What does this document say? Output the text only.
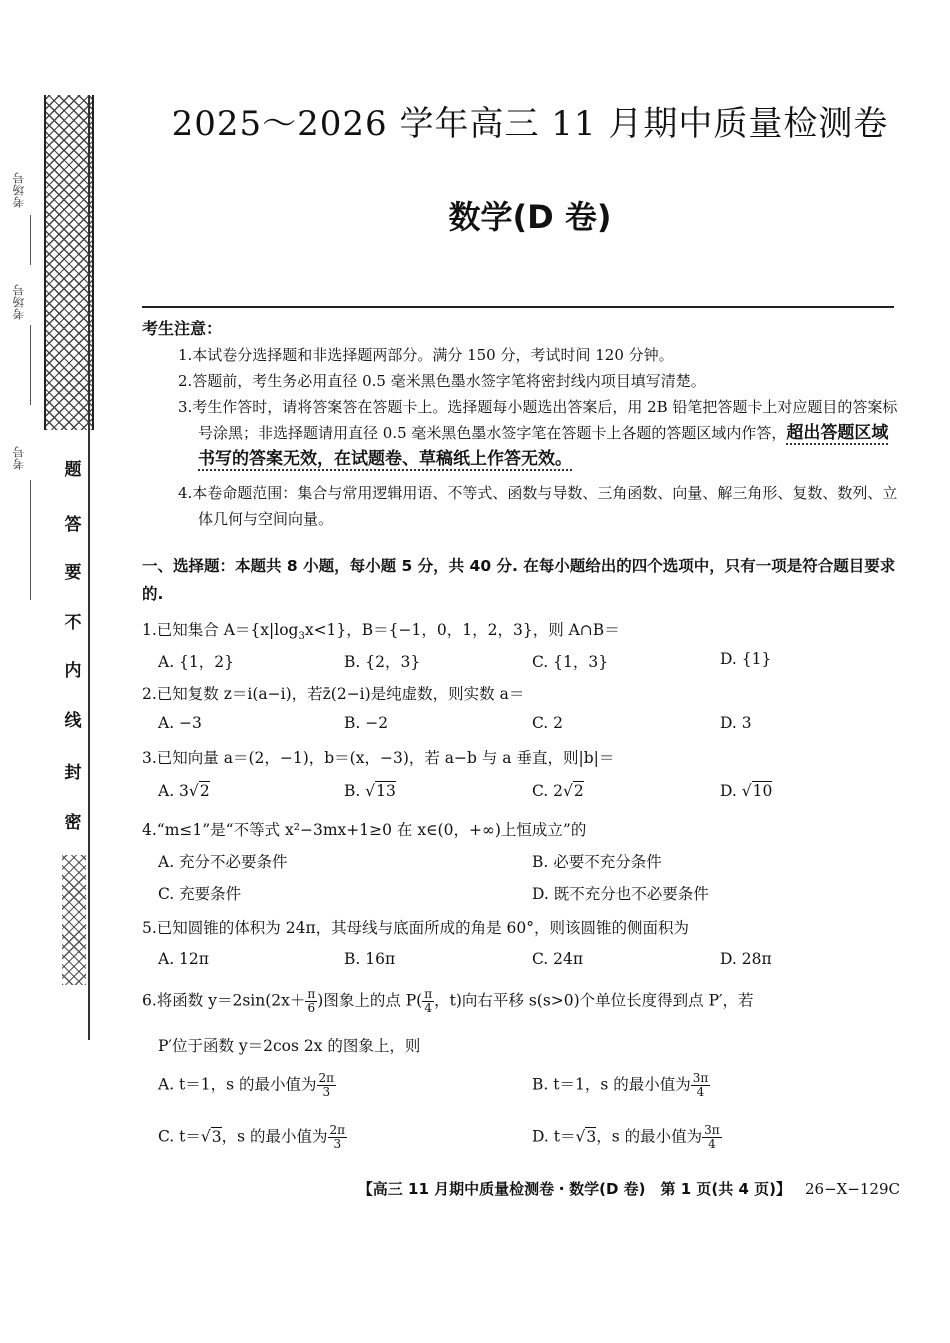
题
答
要
不
内
线
封
密
考场号
考场号
考号
2025～2026 学年高三 11 月期中质量检测卷
数学(D 卷)
考生注意：
1.本试卷分选择题和非选择题两部分。满分 150 分，考试时间 120 分钟。
2.答题前，考生务必用直径 0.5 毫米黑色墨水签字笔将密封线内项目填写清楚。
3.考生作答时，请将答案答在答题卡上。选择题每小题选出答案后，用 2B 铅笔把答题卡上对应题目的答案标号涂黑；非选择题请用直径 0.5 毫米黑色墨水签字笔在答题卡上各题的答题区域内作答，超出答题区域书写的答案无效，在试题卷、草稿纸上作答无效。
4.本卷命题范围：集合与常用逻辑用语、不等式、函数与导数、三角函数、向量、解三角形、复数、数列、立体几何与空间向量。
一、选择题：本题共 8 小题，每小题 5 分，共 40 分. 在每小题给出的四个选项中，只有一项是符合题目要求的.
1.已知集合 $A=\{x|\log_3x<1\}$，B＝{−1，0，1，2，3}，则 A∩B＝
A. {1，2}	B. {2，3}	C. {1，3}	D. {1}
2.已知复数 z＝i(a−i)，若z̄(2−i)是纯虚数，则实数 a＝
A. −3	B. −2	C. 2	D. 3
3.已知向量 a＝(2，−1)，b＝(x，−3)，若 a−b 与 a 垂直，则|b|＝
A. 3√2	B. √13	C. 2√2	D. √10
4.“m≤1”是“不等式 x²−3mx+1≥0 在 x∈(0，+∞)上恒成立”的
A. 充分不必要条件	B. 必要不充分条件
C. 充要条件	D. 既不充分也不必要条件
5.已知圆锥的体积为 24π，其母线与底面所成的角是 60°，则该圆锥的侧面积为
A. 12π	B. 16π	C. 24π	D. 28π
6.将函数 $y=2\sin(2x+ \frac{\pi}{6}$ )图象上的点 $P( \frac{\pi}{4}$ ，t)向右平移 s(s>0)个单位长度得到点 P′，若
P′位于函数 y＝2cos 2x 的图象上，则
A. t＝1，s 的最小值为 $\frac{2\pi}{3}$	B. t＝1，s 的最小值为 $\frac{3\pi}{4}$
C. t＝√3，s 的最小值为 $\frac{2\pi}{3}$	D. t＝√3，s 的最小值为 $\frac{3\pi}{4}$
【高三 11 月期中质量检测卷・数学(D 卷)　第 1 页(共 4 页)】 26−X−129C
